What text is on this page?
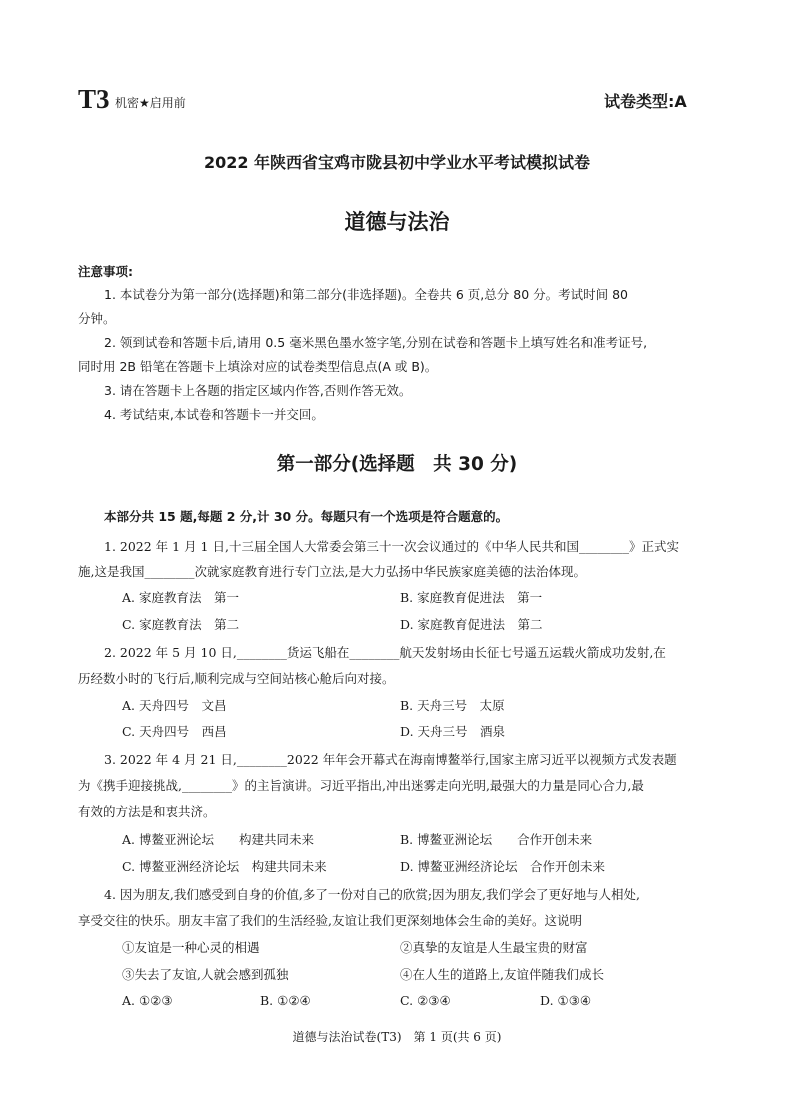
T3 机密★启用前	试卷类型:A
2022 年陕西省宝鸡市陇县初中学业水平考试模拟试卷
道德与法治
注意事项:
1. 本试卷分为第一部分(选择题)和第二部分(非选择题)。全卷共 6 页,总分 80 分。考试时间 80
分钟。
2. 领到试卷和答题卡后,请用 0.5 毫米黑色墨水签字笔,分别在试卷和答题卡上填写姓名和准考证号,
同时用 2B 铅笔在答题卡上填涂对应的试卷类型信息点(A 或 B)。
3. 请在答题卡上各题的指定区域内作答,否则作答无效。
4. 考试结束,本试卷和答题卡一并交回。
第一部分(选择题　共 30 分)
本部分共 15 题,每题 2 分,计 30 分。每题只有一个选项是符合题意的。
1. 2022 年 1 月 1 日,十三届全国人大常委会第三十一次会议通过的《中华人民共和国________》正式实
施,这是我国________次就家庭教育进行专门立法,是大力弘扬中华民族家庭美德的法治体现。
A. 家庭教育法　第一	B. 家庭教育促进法　第一
C. 家庭教育法　第二	D. 家庭教育促进法　第二
2. 2022 年 5 月 10 日,________货运飞船在________航天发射场由长征七号遥五运载火箭成功发射,在
历经数小时的飞行后,顺利完成与空间站核心舱后向对接。
A. 天舟四号　文昌	B. 天舟三号　太原
C. 天舟四号　西昌	D. 天舟三号　酒泉
3. 2022 年 4 月 21 日,________2022 年年会开幕式在海南博鳌举行,国家主席习近平以视频方式发表题
为《携手迎接挑战,________》的主旨演讲。习近平指出,冲出迷雾走向光明,最强大的力量是同心合力,最
有效的方法是和衷共济。
A. 博鳌亚洲论坛　　构建共同未来	B. 博鳌亚洲论坛　　合作开创未来
C. 博鳌亚洲经济论坛　构建共同未来	D. 博鳌亚洲经济论坛　合作开创未来
4. 因为朋友,我们感受到自身的价值,多了一份对自己的欣赏;因为朋友,我们学会了更好地与人相处,
享受交往的快乐。朋友丰富了我们的生活经验,友谊让我们更深刻地体会生命的美好。这说明
①友谊是一种心灵的相遇	②真挚的友谊是人生最宝贵的财富
③失去了友谊,人就会感到孤独	④在人生的道路上,友谊伴随我们成长
A. ①②③	B. ①②④	C. ②③④	D. ①③④
道德与法治试卷(T3)　第 1 页(共 6 页)
